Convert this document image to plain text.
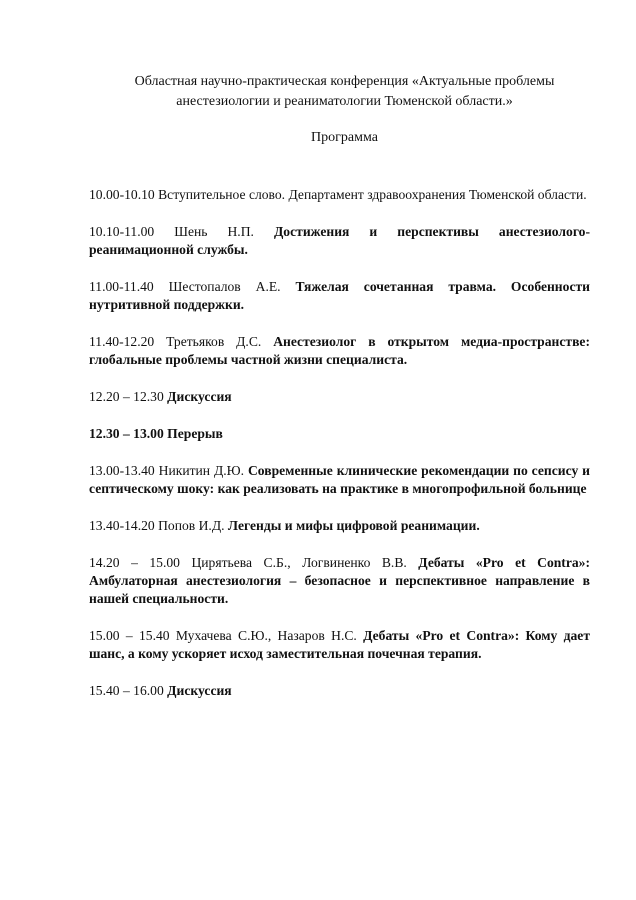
Областная научно-практическая конференция «Актуальные проблемы
анестезиологии и реаниматологии Тюменской области.»
Программа

10.00-10.10 Вступительное слово. Департамент здравоохранения Тюменской области.

10.10-11.00 Шень Н.П. Достижения и перспективы анестезиолого-реанимационной службы.

11.00-11.40 Шестопалов А.Е. Тяжелая сочетанная травма. Особенности нутритивной поддержки.

11.40-12.20 Третьяков Д.С. Анестезиолог в открытом медиа-пространстве: глобальные проблемы частной жизни специалиста.

12.20 – 12.30 Дискуссия

12.30 – 13.00 Перерыв

13.00-13.40 Никитин Д.Ю. Современные клинические рекомендации по сепсису и септическому шоку: как реализовать на практике в многопрофильной больнице

13.40-14.20 Попов И.Д. Легенды и мифы цифровой реанимации.

14.20 – 15.00 Цирятьева С.Б., Логвиненко В.В. Дебаты «Pro et Contra»: Амбулаторная анестезиология – безопасное и перспективное направление в нашей специальности.

15.00 – 15.40 Мухачева С.Ю., Назаров Н.С. Дебаты «Pro et Contra»: Кому дает шанс, а кому ускоряет исход заместительная почечная терапия.

15.40 – 16.00 Дискуссия
